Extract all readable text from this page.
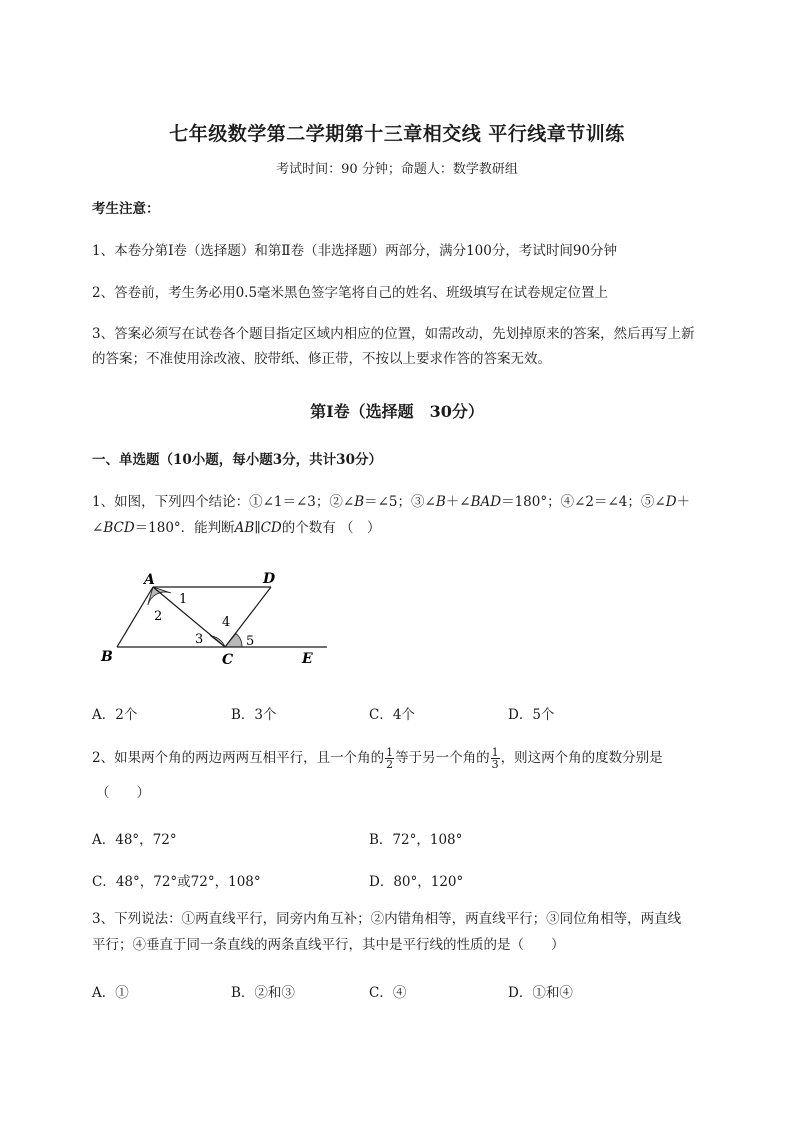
七年级数学第二学期第十三章相交线 平行线章节训练
考试时间：90 分钟；命题人：数学教研组
考生注意：
1、本卷分第Ⅰ卷（选择题）和第Ⅱ卷（非选择题）两部分，满分100分，考试时间90分钟
2、答卷前，考生务必用0.5毫米黑色签字笔将自己的姓名、班级填写在试卷规定位置上
3、答案必须写在试卷各个题目指定区域内相应的位置，如需改动，先划掉原来的答案，然后再写上新
的答案；不准使用涂改液、胶带纸、修正带，不按以上要求作答的答案无效。
第Ⅰ卷（选择题　30分）
一、单选题（10小题，每小题3分，共计30分）
1、如图，下列四个结论：①∠1＝∠3；②∠B＝∠5；③∠B＋∠BAD＝180°；④∠2＝∠4；⑤∠D＋
∠BCD＝180°．能判断AB∥CD的个数有 （　）
A	D
B	C	E
1
2
3
4
5
A．2个	B．3个	C．4个	D．5个
2、如果两个角的两边两两互相平行，且一个角的 $\frac{1}{2}$ 等于另一个角的 $\frac{1}{3}$ ，则这两个角的度数分别是
（　　）
A．48°，72°	B．72°，108°
C．48°，72°或72°，108°	D．80°，120°
3、下列说法：①两直线平行，同旁内角互补；②内错角相等，两直线平行；③同位角相等，两直线
平行；④垂直于同一条直线的两条直线平行，其中是平行线的性质的是（　　）
A．①	B．②和③	C．④	D．①和④
